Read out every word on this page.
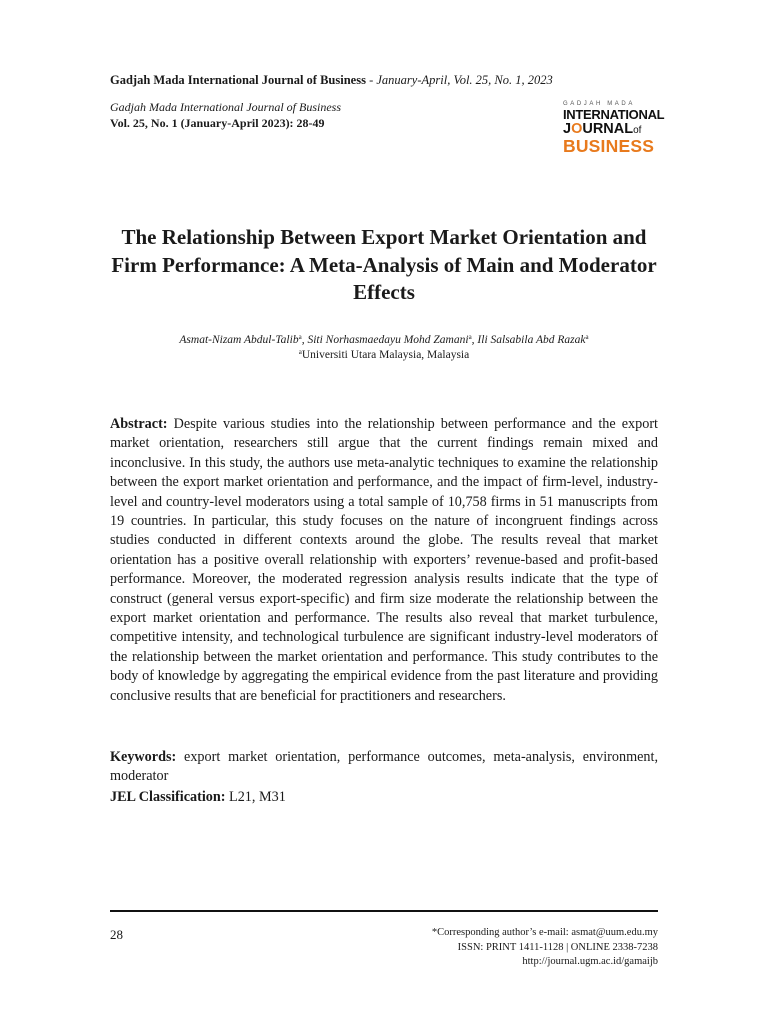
Gadjah Mada International Journal of Business - January-April, Vol. 25, No. 1, 2023
Gadjah Mada International Journal of Business
Vol. 25, No. 1 (January-April 2023): 28-49
GADJAH MADA
INTERNATIONAL
JOURNALof
BUSINESS
The Relationship Between Export Market Orientation and Firm Performance: A Meta-Analysis of Main and Moderator Effects
Asmat-Nizam Abdul-Talib$^a$, Siti Norhasmaedayu Mohd Zamani$^a$, Ili Salsabila Abd Razak$^a$
$^a$Universiti Utara Malaysia, Malaysia
Abstract: Despite various studies into the relationship between performance and the export market orientation, researchers still argue that the current findings remain mixed and inconclusive. In this study, the authors use meta-analytic techniques to examine the relationship between the export market orientation and performance, and the impact of firm-level, industry-level and country-level moderators using a total sample of 10,758 firms in 51 manuscripts from 19 countries. In particular, this study focuses on the nature of incongruent findings across studies conducted in different contexts around the globe. The results reveal that market orientation has a positive overall relationship with exporters’ revenue-based and profit-based performance. Moreover, the moderated regression analysis results indicate that the type of construct (general versus export-specific) and firm size moderate the relationship between the export market orientation and performance. The results also reveal that market turbulence, competitive intensity, and technological turbulence are significant industry-level moderators of the relationship between the market orientation and performance. This study contributes to the body of knowledge by aggregating the empirical evidence from the past literature and providing conclusive results that are beneficial for practitioners and researchers.
Keywords: export market orientation, performance outcomes, meta-analysis, environment, moderator
JEL Classification: L21, M31
28	*Corresponding author’s e-mail: asmat@uum.edu.my
ISSN: PRINT 1411-1128 | ONLINE 2338-7238
http://journal.ugm.ac.id/gamaijb
